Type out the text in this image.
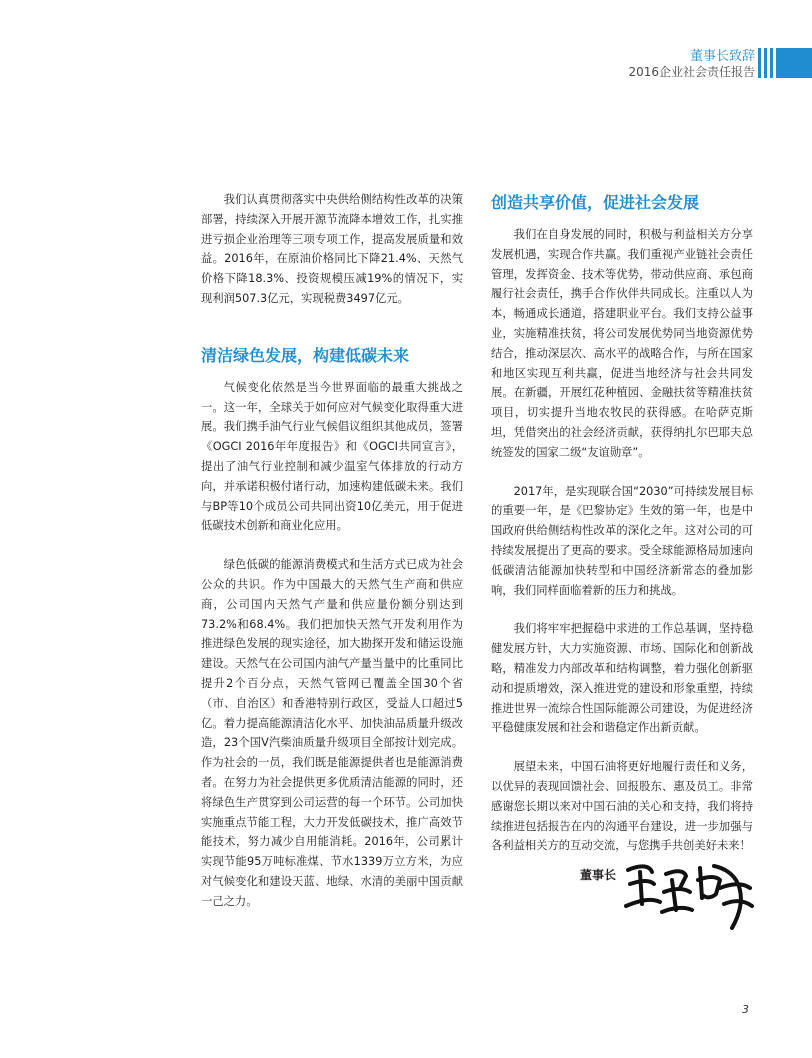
董事长致辞
2016企业社会责任报告

我们认真贯彻落实中央供给侧结构性改革的决策部署，持续深入开展开源节流降本增效工作，扎实推进亏损企业治理等三项专项工作，提高发展质量和效益。2016年，在原油价格同比下降21.4%、天然气价格下降18.3%、投资规模压减19%的情况下，实现利润507.3亿元，实现税费3497亿元。

清洁绿色发展，构建低碳未来

气候变化依然是当今世界面临的最重大挑战之一。这一年，全球关于如何应对气候变化取得重大进展。我们携手油气行业气候倡议组织其他成员，签署《OGCI 2016年年度报告》和《OGCI共同宣言》，提出了油气行业控制和减少温室气体排放的行动方向，并承诺积极付诸行动，加速构建低碳未来。我们与BP等10个成员公司共同出资10亿美元，用于促进低碳技术创新和商业化应用。

绿色低碳的能源消费模式和生活方式已成为社会公众的共识。作为中国最大的天然气生产商和供应商，公司国内天然气产量和供应量份额分别达到73.2%和68.4%。我们把加快天然气开发利用作为推进绿色发展的现实途径，加大勘探开发和储运设施建设。天然气在公司国内油气产量当量中的比重同比提升2个百分点，天然气管网已覆盖全国30个省（市、自治区）和香港特别行政区，受益人口超过5亿。着力提高能源清洁化水平、加快油品质量升级改造，23个国V汽柴油质量升级项目全部按计划完成。作为社会的一员，我们既是能源提供者也是能源消费者。在努力为社会提供更多优质清洁能源的同时，还将绿色生产贯穿到公司运营的每一个环节。公司加快实施重点节能工程，大力开发低碳技术，推广高效节能技术，努力减少自用能消耗。2016年，公司累计实现节能95万吨标准煤、节水1339万立方米，为应对气候变化和建设天蓝、地绿、水清的美丽中国贡献一己之力。

创造共享价值，促进社会发展

我们在自身发展的同时，积极与利益相关方分享发展机遇，实现合作共赢。我们重视产业链社会责任管理，发挥资金、技术等优势，带动供应商、承包商履行社会责任，携手合作伙伴共同成长。注重以人为本，畅通成长通道，搭建职业平台。我们支持公益事业，实施精准扶贫，将公司发展优势同当地资源优势结合，推动深层次、高水平的战略合作，与所在国家和地区实现互利共赢，促进当地经济与社会共同发展。在新疆，开展红花种植园、金融扶贫等精准扶贫项目，切实提升当地农牧民的获得感。在哈萨克斯坦，凭借突出的社会经济贡献，获得纳扎尔巴耶夫总统签发的国家二级“友谊勋章”。

2017年，是实现联合国“2030”可持续发展目标的重要一年，是《巴黎协定》生效的第一年，也是中国政府供给侧结构性改革的深化之年。这对公司的可持续发展提出了更高的要求。受全球能源格局加速向低碳清洁能源加快转型和中国经济新常态的叠加影响，我们同样面临着新的压力和挑战。

我们将牢牢把握稳中求进的工作总基调，坚持稳健发展方针，大力实施资源、市场、国际化和创新战略，精准发力内部改革和结构调整，着力强化创新驱动和提质增效，深入推进党的建设和形象重塑，持续推进世界一流综合性国际能源公司建设，为促进经济平稳健康发展和社会和谐稳定作出新贡献。

展望未来，中国石油将更好地履行责任和义务，以优异的表现回馈社会、回报股东、惠及员工。非常感谢您长期以来对中国石油的关心和支持，我们将持续推进包括报告在内的沟通平台建设，进一步加强与各利益相关方的互动交流，与您携手共创美好未来！

董事长
3
